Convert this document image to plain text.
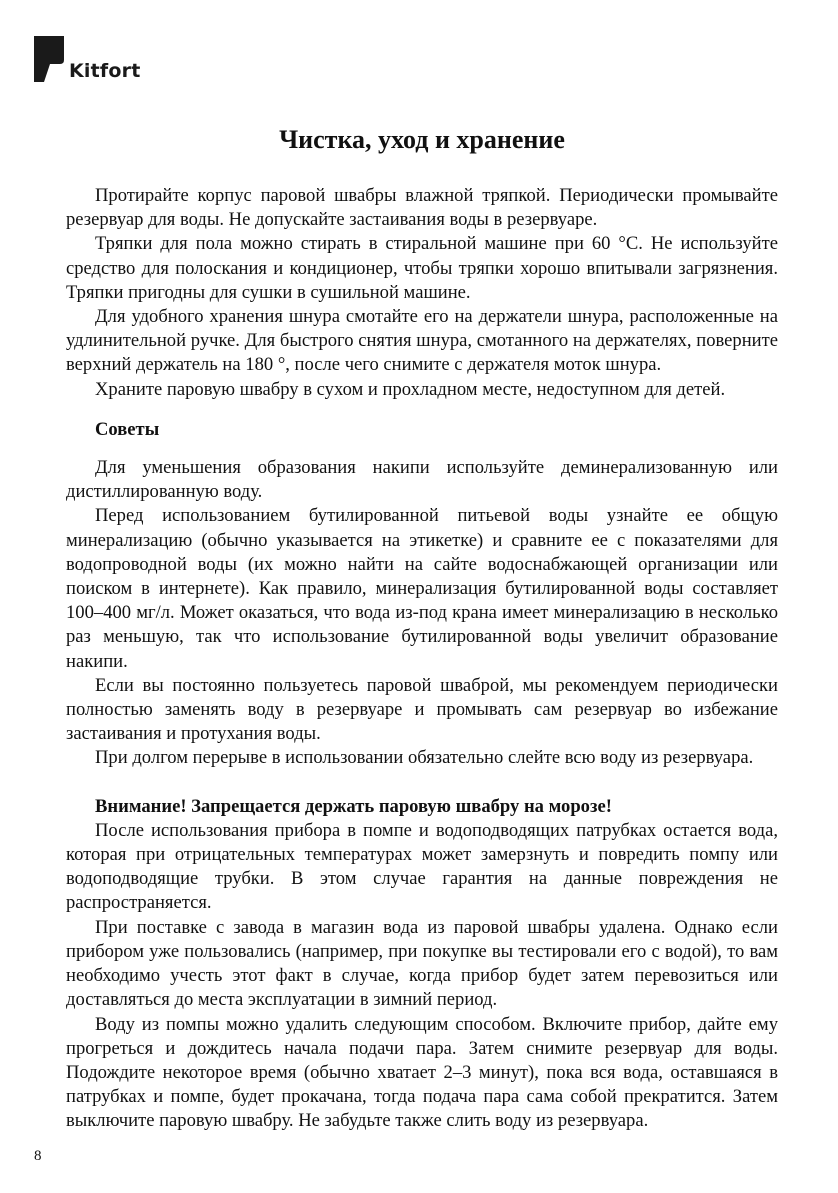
Kitfort
Чистка, уход и хранение

Протирайте корпус паровой швабры влажной тряпкой. Периодически промывайте резервуар для воды. Не допускайте застаивания воды в резервуаре.

Тряпки для пола можно стирать в стиральной машине при 60 °С. Не используйте средство для полоскания и кондиционер, чтобы тряпки хорошо впитывали загрязнения. Тряпки пригодны для сушки в сушильной машине.

Для удобного хранения шнура смотайте его на держатели шнура, расположенные на удлинительной ручке. Для быстрого снятия шнура, смотанного на держателях, поверните верхний держатель на 180 °, после чего снимите с держателя моток шнура.

Храните паровую швабру в сухом и прохладном месте, недоступном для детей.

Советы

Для уменьшения образования накипи используйте деминерализованную или дистиллированную воду.

Перед использованием бутилированной питьевой воды узнайте ее общую минерализацию (обычно указывается на этикетке) и сравните ее с показателями для водопроводной воды (их можно найти на сайте водоснабжающей организации или поиском в интернете). Как правило, минерализация бутилированной воды составляет 100–400 мг/л. Может оказаться, что вода из-под крана имеет минерализацию в несколько раз меньшую, так что использование бутилированной воды увеличит образование накипи.

Если вы постоянно пользуетесь паровой шваброй, мы рекомендуем периодически полностью заменять воду в резервуаре и промывать сам резервуар во избежание застаивания и протухания воды.

При долгом перерыве в использовании обязательно слейте всю воду из резервуара.

Внимание! Запрещается держать паровую швабру на морозе!

После использования прибора в помпе и водоподводящих патрубках остается вода, которая при отрицательных температурах может замерзнуть и повредить помпу или водоподводящие трубки. В этом случае гарантия на данные повреждения не распространяется.

При поставке с завода в магазин вода из паровой швабры удалена. Однако если прибором уже пользовались (например, при покупке вы тестировали его с водой), то вам необходимо учесть этот факт в случае, когда прибор будет затем перевозиться или доставляться до места эксплуатации в зимний период.

Воду из помпы можно удалить следующим способом. Включите прибор, дайте ему прогреться и дождитесь начала подачи пара. Затем снимите резервуар для воды. Подождите некоторое время (обычно хватает 2–3 минут), пока вся вода, оставшаяся в патрубках и помпе, будет прокачана, тогда подача пара сама собой прекратится. Затем выключите паровую швабру. Не забудьте также слить воду из резервуара.

8
